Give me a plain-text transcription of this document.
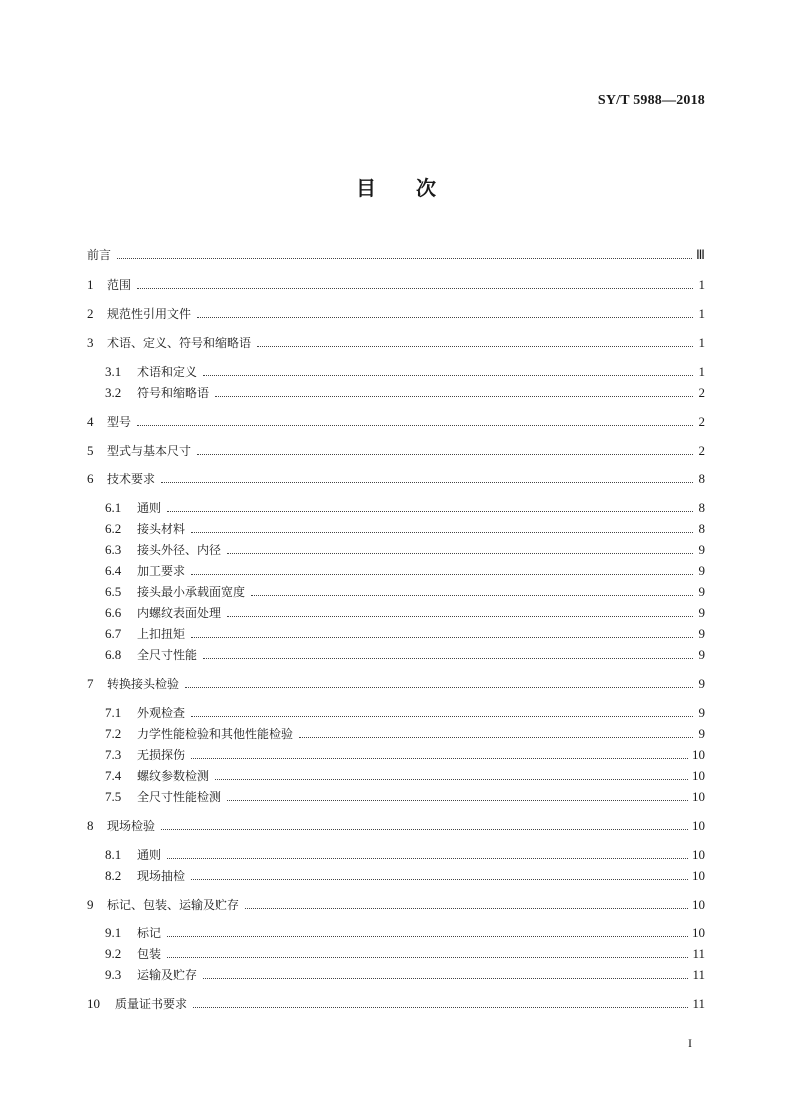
SY/T 5988—2018
目 次
前言	Ⅲ
1	范围	1
2	规范性引用文件	1
3	术语、定义、符号和缩略语	1
3.1	术语和定义	1
3.2	符号和缩略语	2
4	型号	2
5	型式与基本尺寸	2
6	技术要求	8
6.1	通则	8
6.2	接头材料	8
6.3	接头外径、内径	9
6.4	加工要求	9
6.5	接头最小承载面宽度	9
6.6	内螺纹表面处理	9
6.7	上扣扭矩	9
6.8	全尺寸性能	9
7	转换接头检验	9
7.1	外观检查	9
7.2	力学性能检验和其他性能检验	9
7.3	无损探伤	10
7.4	螺纹参数检测	10
7.5	全尺寸性能检测	10
8	现场检验	10
8.1	通则	10
8.2	现场抽检	10
9	标记、包装、运输及贮存	10
9.1	标记	10
9.2	包装	11
9.3	运输及贮存	11
10	质量证书要求	11
I
